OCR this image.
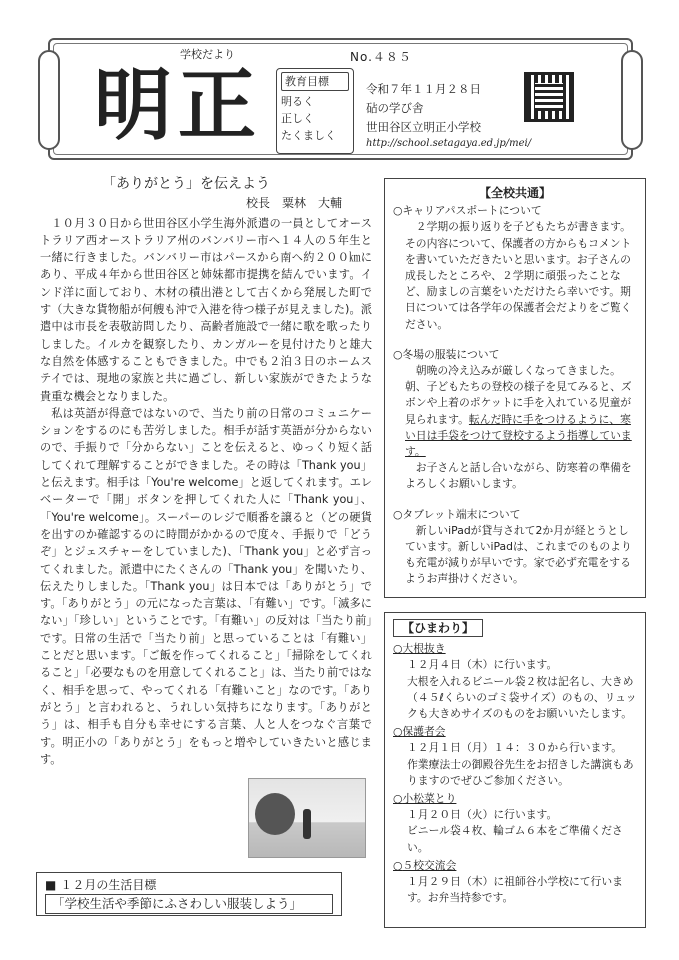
学校だより
明正
No.４８５
教育目標
明るく
正しく
たくましく
令和７年１１月２８日
砧の学び舎
世田谷区立明正小学校
http://school.setagaya.ed.jp/mei/
「ありがとう」を伝えよう
校長　粟林　大輔

１０月３０日から世田谷区小学生海外派遣の一員としてオーストラリア西オーストラリア州のバンバリー市へ１４人の５年生と一緒に行きました。バンバリー市はパースから南へ約２００㎞にあり、平成４年から世田谷区と姉妹都市提携を結んでいます。インド洋に面しており、木材の積出港として古くから発展した町です（大きな貨物船が何艘も沖で入港を待つ様子が見えました)。派遣中は市長を表敬訪問したり、高齢者施設で一緒に歌を歌ったりしました。イルカを観察したり、カンガルーを見付けたりと雄大な自然を体感することもできました。中でも２泊３日のホームステイでは、現地の家族と共に過ごし、新しい家族ができたような貴重な機会となりました。

私は英語が得意ではないので、当たり前の日常のコミュニケーションをするのにも苦労しました。相手が話す英語が分からないので、手振りで「分からない」ことを伝えると、ゆっくり短く話してくれて理解することができました。その時は「Thank you」と伝えます。相手は「You're welcome」と返してくれます。エレベーターで「開」ボタンを押してくれた人に「Thank you」、「You're welcome」。スーパーのレジで順番を譲ると（どの硬貨を出すのか確認するのに時間がかかるので度々、手振りで「どうぞ」とジェスチャーをしていました)、「Thank you」と必ず言ってくれました。派遣中にたくさんの「Thank you」を聞いたり、伝えたりしました。「Thank you」は日本では「ありがとう」です。「ありがとう」の元になった言葉は、「有難い」です。「滅多にない」「珍しい」ということです。「有難い」の反対は「当たり前」です。日常の生活で「当たり前」と思っていることは「有難い」ことだと思います。「ご飯を作ってくれること」「掃除をしてくれること」「必要なものを用意してくれること」は、当たり前ではなく、相手を思って、やってくれる「有難いこと」なのです。「ありがとう」と言われると、うれしい気持ちになります。「ありがとう」は、相手も自分も幸せにする言葉、人と人をつなぐ言葉です。明正小の「ありがとう」をもっと増やしていきたいと感じます。

■ １２月の生活目標
「学校生活や季節にふさわしい服装しよう」
【全校共通】
○ キャリアパスポートについて
２学期の振り返りを子どもたちが書きます。その内容について、保護者の方からもコメントを書いていただきたいと思います。お子さんの成長したところや、２学期に頑張ったことなど、励ましの言葉をいただけたら幸いです。期日については各学年の保護者会だよりをご覧ください。
○ 冬場の服装について
朝晩の冷え込みが厳しくなってきました。朝、子どもたちの登校の様子を見てみると、ズボンや上着のポケットに手を入れている児童が見られます。転んだ時に手をつけるように、寒い日は手袋をつけて登校するよう指導しています。
お子さんと話し合いながら、防寒着の準備をよろしくお願いします。
○ タブレット端末について
新しいiPadが貸与されて2か月が経とうとしています。新しいiPadは、これまでのものよりも充電が減りが早いです。家で必ず充電をするようお声掛けください。
【ひまわり】
○ 大根抜き
１２月４日（木）に行います。
大根を入れるビニール袋２枚は記名し、大きめ（４５ℓくらいのゴミ袋サイズ）のもの、リュックも大きめサイズのものをお願いいたします。
○ 保護者会
１２月１日（月）１４：３０から行います。
作業療法士の御殿谷先生をお招きした講演もありますのでぜひご参加ください。
○ 小松菜とり
１月２０日（火）に行います。
ビニール袋４枚、輪ゴム６本をご準備ください。
○ ５校交流会
１月２９日（木）に祖師谷小学校にて行います。お弁当持参です。
